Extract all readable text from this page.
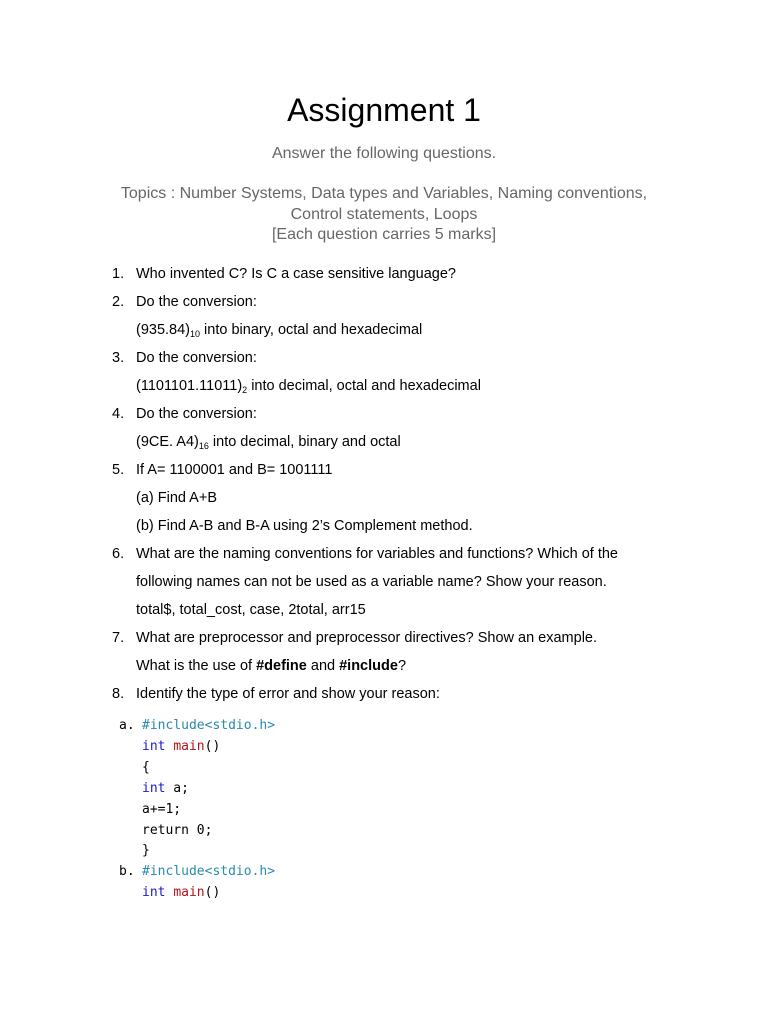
Assignment 1
Answer the following questions.
Topics : Number Systems, Data types and Variables, Naming conventions,
Control statements, Loops
[Each question carries 5 marks]
1. Who invented C? Is C a case sensitive language?
2. Do the conversion:
$(935.84)_{10}$ into binary, octal and hexadecimal
3. Do the conversion:
$(1101101.11011)_2$ into decimal, octal and hexadecimal
4. Do the conversion:
(9CE. $A4)_{16}$ into decimal, binary and octal
5. If A= 1100001 and B= 1001111
(a) Find A+B
(b) Find A-B and B-A using 2’s Complement method.
6. What are the naming conventions for variables and functions? Which of the
following names can not be used as a variable name? Show your reason.
total$, total_cost, case, 2total, arr15
7. What are preprocessor and preprocessor directives? Show an example.
What is the use of #define and #include?
8. Identify the type of error and show your reason:
a. #include<stdio.h>
int main()
{
int a;
a+=1;
return 0;
}
b. #include<stdio.h>
int main()
